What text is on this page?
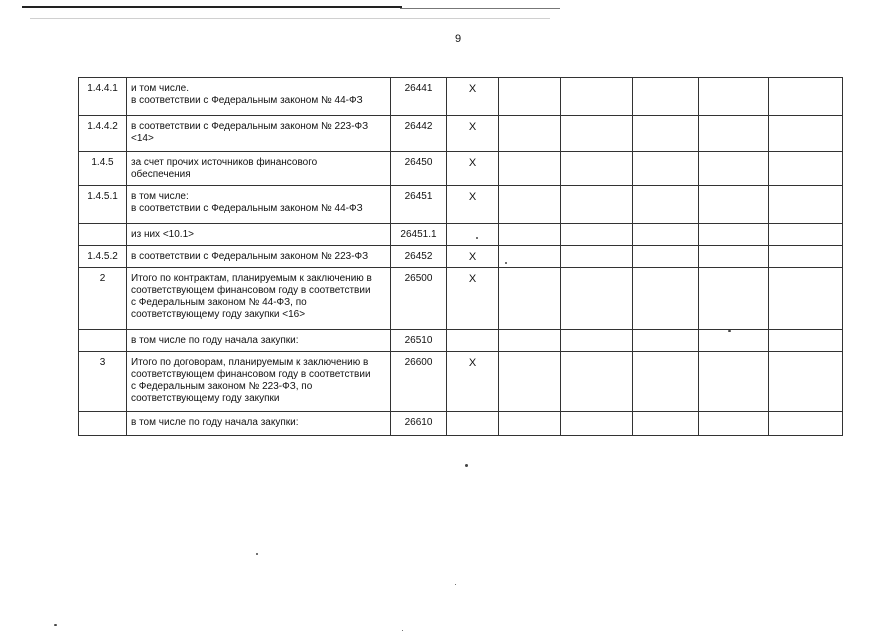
9
1.4.4.1	и том числе.
в соответствии с Федеральным законом № 44-ФЗ	26441	X					
1.4.4.2	в соответствии с Федеральным законом № 223-ФЗ
<14>	26442	X					
1.4.5	за счет прочих источников финансового
обеспечения	26450	X					
1.4.5.1	в том числе:
в соответствии с Федеральным законом № 44-ФЗ	26451	X					
	из них <10.1>	26451.1						
1.4.5.2	в соответствии с Федеральным законом № 223-ФЗ	26452	X					
2	Итого по контрактам, планируемым к заключению в
соответствующем финансовом году в соответствии
с Федеральным законом № 44-ФЗ, по
соответствующему году закупки <16>	26500	X					
	в том числе по году начала закупки:	26510						
3	Итого по договорам, планируемым к заключению в
соответствующем финансовом году в соответствии
с Федеральным законом № 223-ФЗ, по
соответствующему году закупки	26600	X					
	в том числе по году начала закупки:	26610						
